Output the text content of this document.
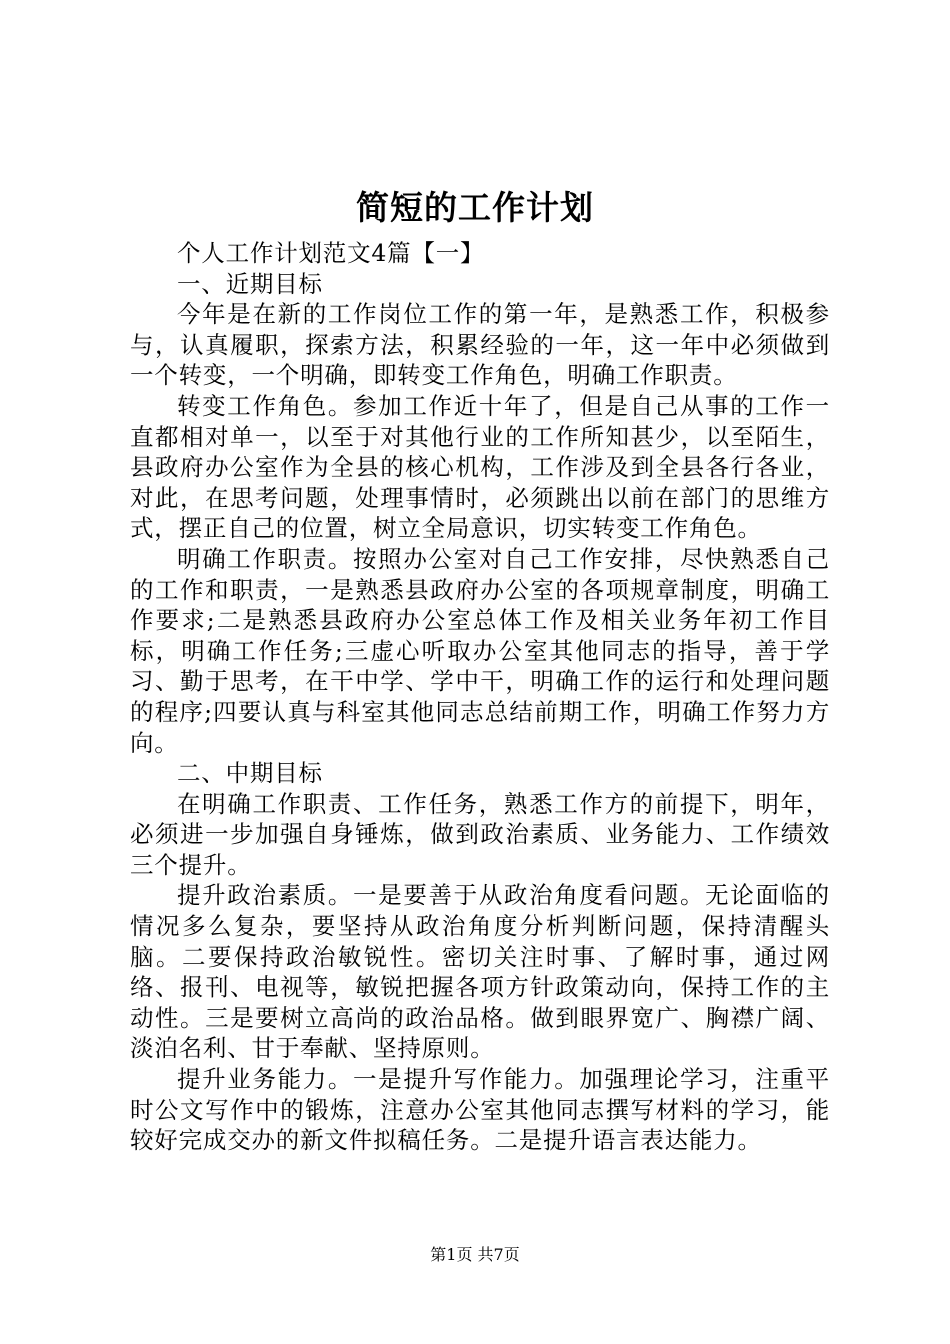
简短的工作计划

个人工作计划范文4篇【一】

一、近期目标

今年是在新的工作岗位工作的第一年，是熟悉工作，积极参与，认真履职，探索方法，积累经验的一年，这一年中必须做到一个转变，一个明确，即转变工作角色，明确工作职责。

转变工作角色。参加工作近十年了，但是自己从事的工作一直都相对单一，以至于对其他行业的工作所知甚少，以至陌生，县政府办公室作为全县的核心机构，工作涉及到全县各行各业，对此，在思考问题，处理事情时，必须跳出以前在部门的思维方式，摆正自己的位置，树立全局意识，切实转变工作角色。

明确工作职责。按照办公室对自己工作安排，尽快熟悉自己的工作和职责，一是熟悉县政府办公室的各项规章制度，明确工作要求;二是熟悉县政府办公室总体工作及相关业务年初工作目标，明确工作任务;三虚心听取办公室其他同志的指导，善于学习、勤于思考，在干中学、学中干，明确工作的运行和处理问题的程序;四要认真与科室其他同志总结前期工作，明确工作努力方向。

二、中期目标

在明确工作职责、工作任务，熟悉工作方的前提下，明年，必须进一步加强自身锤炼，做到政治素质、业务能力、工作绩效三个提升。

提升政治素质。一是要善于从政治角度看问题。无论面临的情况多么复杂，要坚持从政治角度分析判断问题，保持清醒头脑。二要保持政治敏锐性。密切关注时事、了解时事，通过网络、报刊、电视等，敏锐把握各项方针政策动向，保持工作的主动性。三是要树立高尚的政治品格。做到眼界宽广、胸襟广阔、淡泊名利、甘于奉献、坚持原则。

提升业务能力。一是提升写作能力。加强理论学习，注重平时公文写作中的锻炼，注意办公室其他同志撰写材料的学习，能较好完成交办的新文件拟稿任务。二是提升语言表达能力。

第1页 共7页
